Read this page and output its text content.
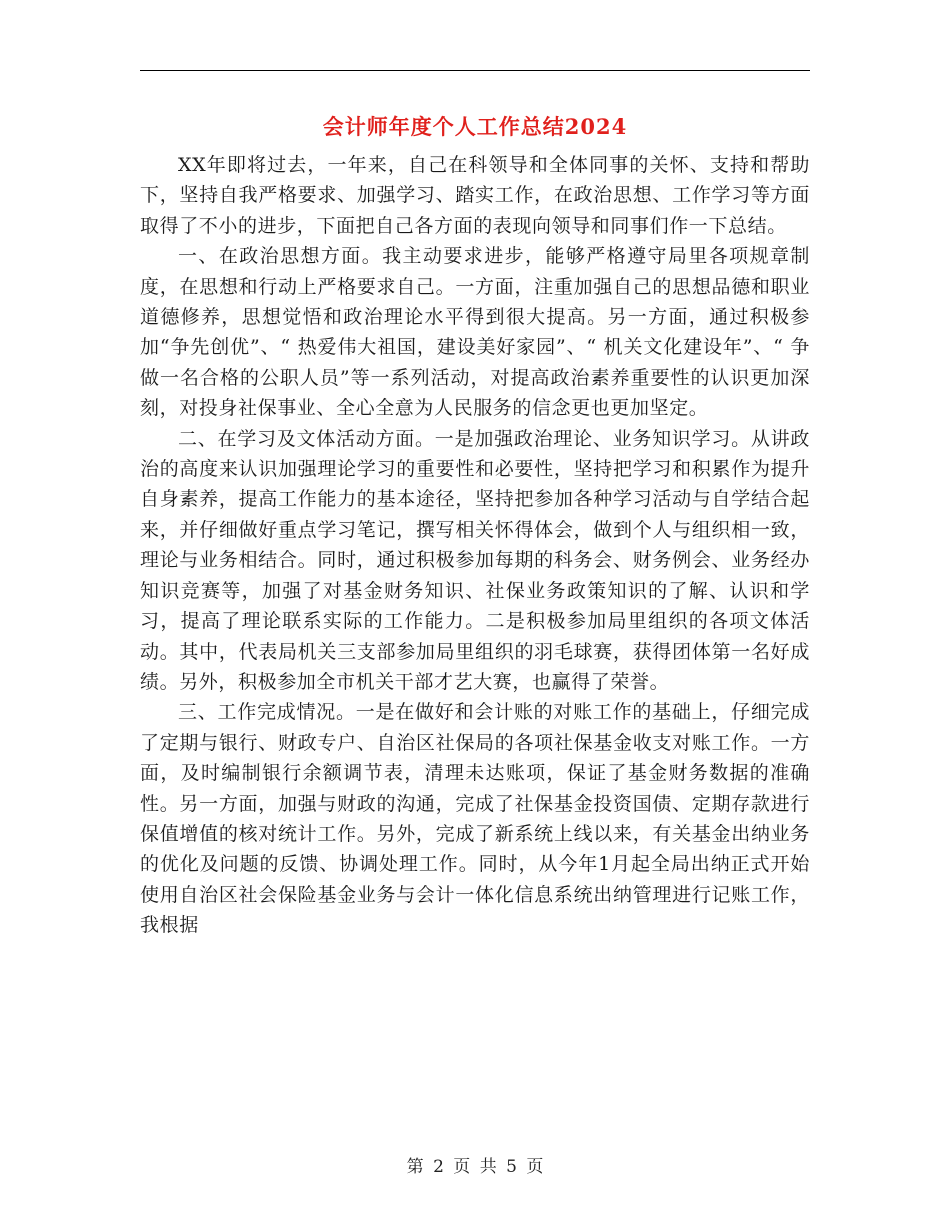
会计师年度个人工作总结2024

XX年即将过去，一年来，自己在科领导和全体同事的关怀、支持和帮助下，坚持自我严格要求、加强学习、踏实工作，在政治思想、工作学习等方面取得了不小的进步，下面把自己各方面的表现向领导和同事们作一下总结。

一、在政治思想方面。我主动要求进步，能够严格遵守局里各项规章制度，在思想和行动上严格要求自己。一方面，注重加强自己的思想品德和职业道德修养，思想觉悟和政治理论水平得到很大提高。另一方面，通过积极参加“争先创优”、“ 热爱伟大祖国，建设美好家园”、“ 机关文化建设年”、“ 争做一名合格的公职人员”等一系列活动，对提高政治素养重要性的认识更加深刻，对投身社保事业、全心全意为人民服务的信念更也更加坚定。

二、在学习及文体活动方面。一是加强政治理论、业务知识学习。从讲政治的高度来认识加强理论学习的重要性和必要性，坚持把学习和积累作为提升自身素养，提高工作能力的基本途径，坚持把参加各种学习活动与自学结合起来，并仔细做好重点学习笔记，撰写相关怀得体会，做到个人与组织相一致，理论与业务相结合。同时，通过积极参加每期的科务会、财务例会、业务经办知识竞赛等，加强了对基金财务知识、社保业务政策知识的了解、认识和学习，提高了理论联系实际的工作能力。二是积极参加局里组织的各项文体活动。其中，代表局机关三支部参加局里组织的羽毛球赛，获得团体第一名好成绩。另外，积极参加全市机关干部才艺大赛，也赢得了荣誉。

三、工作完成情况。一是在做好和会计账的对账工作的基础上，仔细完成了定期与银行、财政专户、自治区社保局的各项社保基金收支对账工作。一方面，及时编制银行余额调节表，清理未达账项，保证了基金财务数据的准确性。另一方面，加强与财政的沟通，完成了社保基金投资国债、定期存款进行保值增值的核对统计工作。另外，完成了新系统上线以来，有关基金出纳业务的优化及问题的反馈、协调处理工作。同时，从今年1月起全局出纳正式开始使用自治区社会保险基金业务与会计一体化信息系统出纳管理进行记账工作，我根据

第 2 页 共 5 页
